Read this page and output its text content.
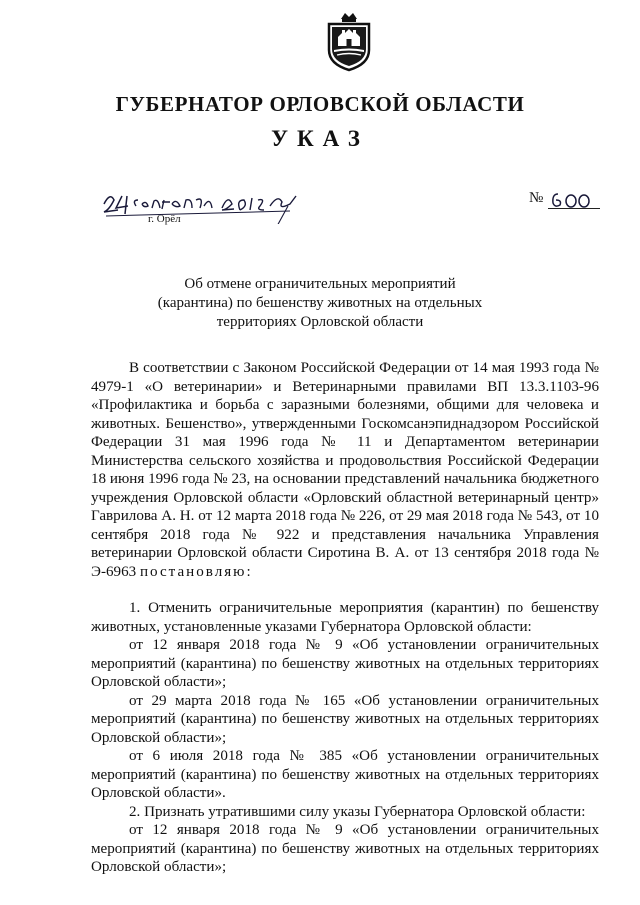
ГУБЕРНАТОР ОРЛОВСКОЙ ОБЛАСТИ
УКАЗ
г. Орёл
№
Об отмене ограничительных мероприятий
(карантина) по бешенству животных на отдельных
территориях Орловской области

В соответствии с Законом Российской Федерации от 14 мая 1993 года № 4979-1 «О ветеринарии» и Ветеринарными правилами ВП 13.3.1103-96 «Профилактика и борьба с заразными болезнями, общими для человека и животных. Бешенство», утвержденными Госкомсанэпиднадзором Российской Федерации 31 мая 1996 года № 11 и Департаментом ветеринарии Министерства сельского хозяйства и продовольствия Российской Федерации 18 июня 1996 года № 23, на основании представлений начальника бюджетного учреждения Орловской области «Орловский областной ветеринарный центр» Гаврилова А. Н. от 12 марта 2018 года № 226, от 29 мая 2018 года № 543, от 10 сентября 2018 года № 922 и представления начальника Управления ветеринарии Орловской области Сиротина В. А. от 13 сентября 2018 года № Э-6963 постановляю:

1. Отменить ограничительные мероприятия (карантин) по бешенству животных, установленные указами Губернатора Орловской области:

от 12 января 2018 года № 9 «Об установлении ограничительных мероприятий (карантина) по бешенству животных на отдельных территориях Орловской области»;

от 29 марта 2018 года № 165 «Об установлении ограничительных мероприятий (карантина) по бешенству животных на отдельных территориях Орловской области»;

от 6 июля 2018 года № 385 «Об установлении ограничительных мероприятий (карантина) по бешенству животных на отдельных территориях Орловской области».

2. Признать утратившими силу указы Губернатора Орловской области:

от 12 января 2018 года № 9 «Об установлении ограничительных мероприятий (карантина) по бешенству животных на отдельных территориях Орловской области»;
